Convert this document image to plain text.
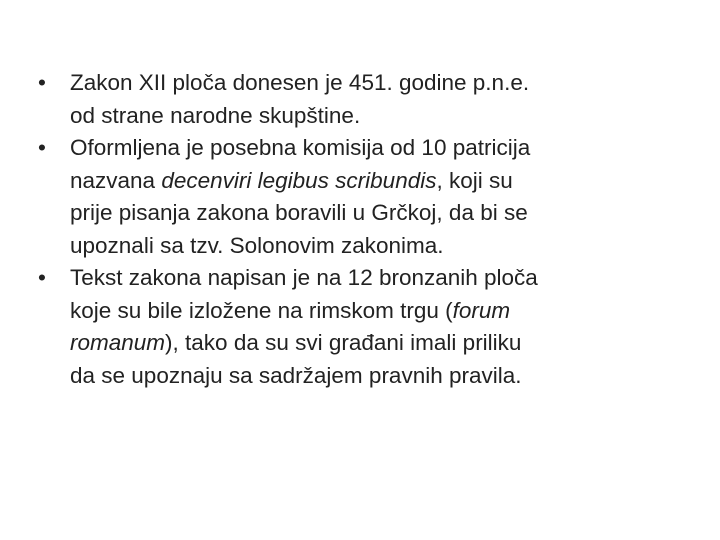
•	Zakon XII ploča donesen je 451. godine p.n.e.
od strane narodne skupštine.
•	Oformljena je posebna komisija od 10 patricija
nazvana decenviri legibus scribundis, koji su
prije pisanja zakona boravili u Grčkoj, da bi se
upoznali sa tzv. Solonovim zakonima.
•	Tekst zakona napisan je na 12 bronzanih ploča
koje su bile izložene na rimskom trgu (forum
romanum), tako da su svi građani imali priliku
da se upoznaju sa sadržajem pravnih pravila.
